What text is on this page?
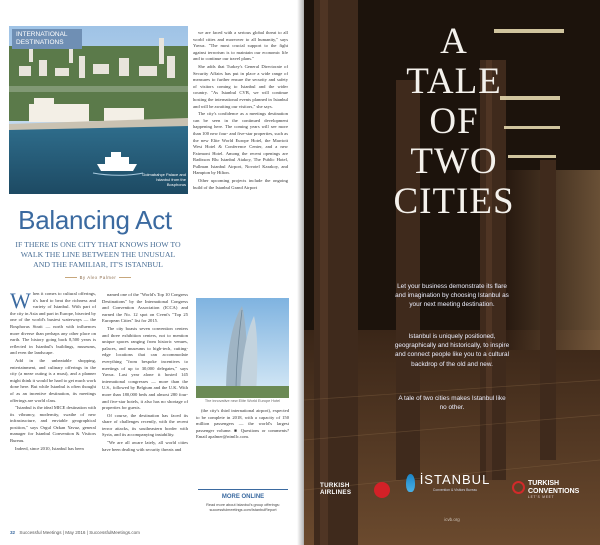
INTERNATIONAL DESTINATIONS
Dolmabahçe Palace and Istanbul from the Bosphorus

we are faced with a serious global threat to all world cities and moreover to all humanity," says Yavuz. "The most crucial support to the fight against terrorism is to maintain our economic life and to continue our travel plans."

She adds that Turkey's General Directorate of Security Affairs has put in place a wide range of measures to further ensure the security and safety of visitors coming to Istanbul and the wider country. "As Istanbul CVB, we will continue hosting the international events planned in Istanbul and will be awaiting our visitors," she says.

The city's confidence as a meetings destination can be seen in the continued development happening here. The coming years will see more than 100 new four- and five-star properties, such as the new Elite World Europe Hotel, the Marriott West Hotel & Conference Center, and a new Fairmont Hotel. Among the recent openings are Radisson Blu Istanbul Atakoy, The Public Hotel, Pullman Istanbul Airport, Novotel Karakoy, and Hampton by Hilton.

Other upcoming projects include the ongoing build of the Istanbul Grand Airport

Balancing Act
IF THERE IS ONE CITY THAT KNOWS HOW TO WALK THE LINE BETWEEN THE UNUSUAL AND THE FAMILIAR, IT'S ISTANBUL
By Alex Palmer
W hen it comes to cultural offerings, it's hard to beat the richness and variety of Istanbul. With part of the city in Asia and part in Europe, bisected by one of the world's busiest waterways — the Bosphorus Strait — north with influences more diverse than perhaps any other place on earth. The history going back 8,500 years is reflected in Istanbul's buildings, museums, and even the landscape.

Add in the unbeatable shopping, entertainment, and culinary offerings in the city (a meze outing is a must), and a planner might think it would be hard to get much work done here. But while Istanbul is often thought of as an incentive destination, its meetings offerings are world class.

"Istanbul is the ideal MICE destination with its vibrancy, modernity, swathe of new infrastructure, and enviable geographical position," says Orgul Ozkan Yavuz, general manager for Istanbul Convention & Visitors Bureau.

Indeed, since 2010, Istanbul has been

named one of the "World's Top 10 Congress Destinations" by the International Congress and Convention Association (ICCA) and earned the No. 12 spot on Cvent's "Top 25 European Cities" list for 2015.

The city boasts seven convention centers and three exhibition centers, not to mention unique spaces ranging from historic venues, palaces, and museums to high-tech, cutting-edge locations that can accommodate everything "from bespoke incentives to meetings of up to 30,000 delegates," says Yavuz. Last year alone it hosted 145 international congresses — more than the U.S., followed by Belgium and the U.K. With more than 180,000 beds and almost 280 four- and five-star hotels, it also has no shortage of properties for guests.

Of course, the destination has faced its share of challenges recently, with the recent terror attacks, its southeastern border with Syria, and its accompanying instability.

"We are all aware lately, all world cities have been dealing with security threats and

The innovative new Elite World Europe Hotel

(the city's third international airport), expected to be complete in 2018, with a capacity of 150 million passengers — the world's largest passenger volume. ■ Questions or comments? Email apalmer@ntmllc.com.

MORE ONLINE
Read more about Istanbul's group offerings: successfulmeetings.com/IstanbulReport
32 Successful Meetings | May 2016 | SuccessfulMeetings.com
A
TALE
OF
TWO
CITIES
Let your business demonstrate its flare and imagination by choosing Istanbul as your next meeting destination.
Istanbul is uniquely positioned, geographically and historically, to inspire and connect people like you to a cultural backdrop of the old and new.
A tale of two cities makes Istanbul like no other.
TURKISH
AIRLINES
İSTANBUL
Convention & Visitors Bureau
TURKISH
CONVENTIONS
LET'S MEET
icvb.org
